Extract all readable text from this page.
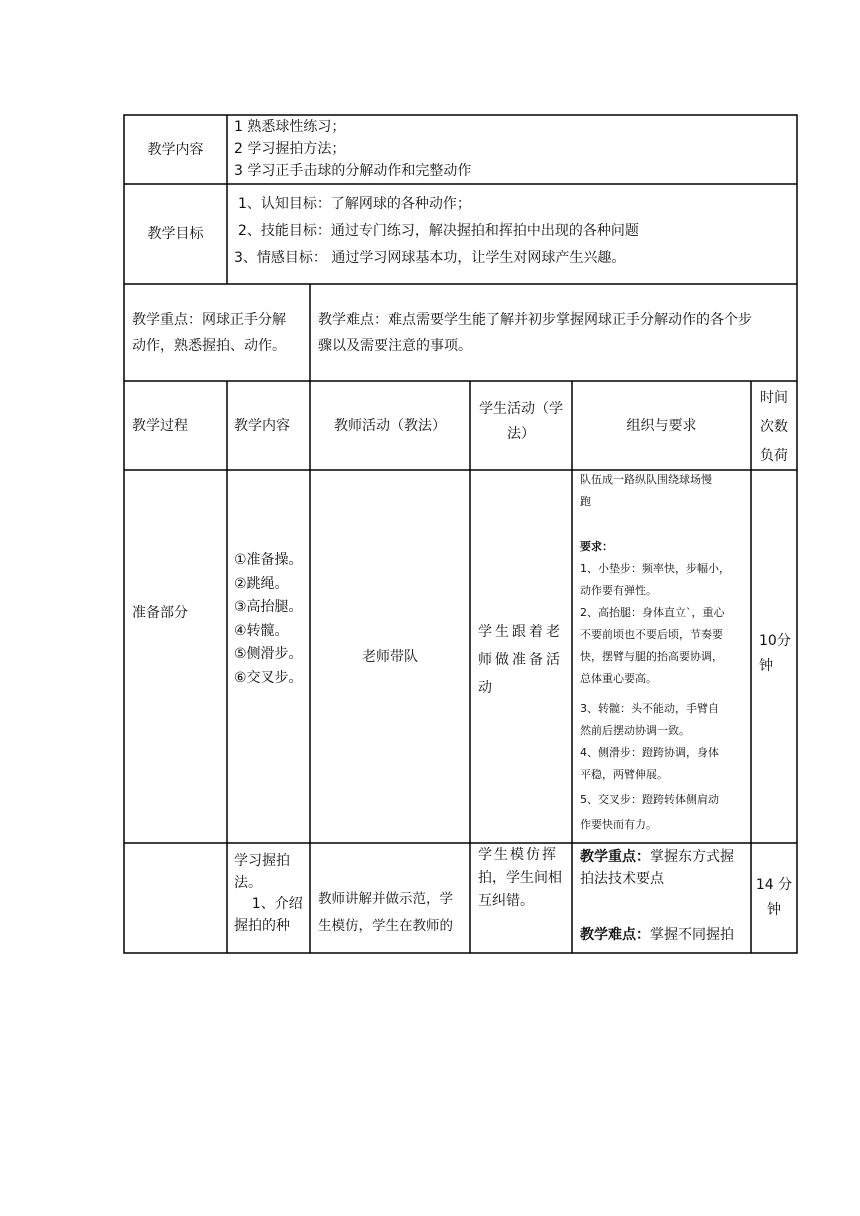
教学内容
1 熟悉球性练习；
2 学习握拍方法；
3 学习正手击球的分解动作和完整动作
教学目标
1、认知目标：了解网球的各种动作；
2、技能目标：通过专门练习，解决握拍和挥拍中出现的各种问题
3、情感目标： 通过学习网球基本功，让学生对网球产生兴趣。
教学重点：网球正手分解
动作，熟悉握拍、动作。
教学难点：难点需要学生能了解并初步掌握网球正手分解动作的各个步
骤以及需要注意的事项。
教学过程	教学内容	教师活动（教法）
学生活动（学
法）
组织与要求
时间
次数
负荷
准备部分
①准备操。
②跳绳。
③高抬腿。
④转髋。
⑤侧滑步。
⑥交叉步。
老师带队
学生跟着老
师做准备活
动
队伍成一路纵队围绕球场慢
跑
要求：
1、小垫步：频率快，步幅小，
动作要有弹性。
2、高抬腿：身体直立`，重心
不要前顷也不要后顷，节奏要
快，摆臂与腿的抬高要协调，
总体重心要高。
3、转髋：头不能动，手臂自
然前后摆动协调一致。
4、侧滑步：蹬跨协调，身体
平稳，两臂伸展。
5、交叉步：蹬跨转体侧肩动
作要快而有力。
10分
钟
学习握拍
法。
1、介绍
握拍的种
教师讲解并做示范，学
生模仿，学生在教师的
学生模仿挥
拍，学生间相
互纠错。
教学重点：掌握东方式握
拍法技术要点
教学难点：掌握不同握拍
14 分
钟
